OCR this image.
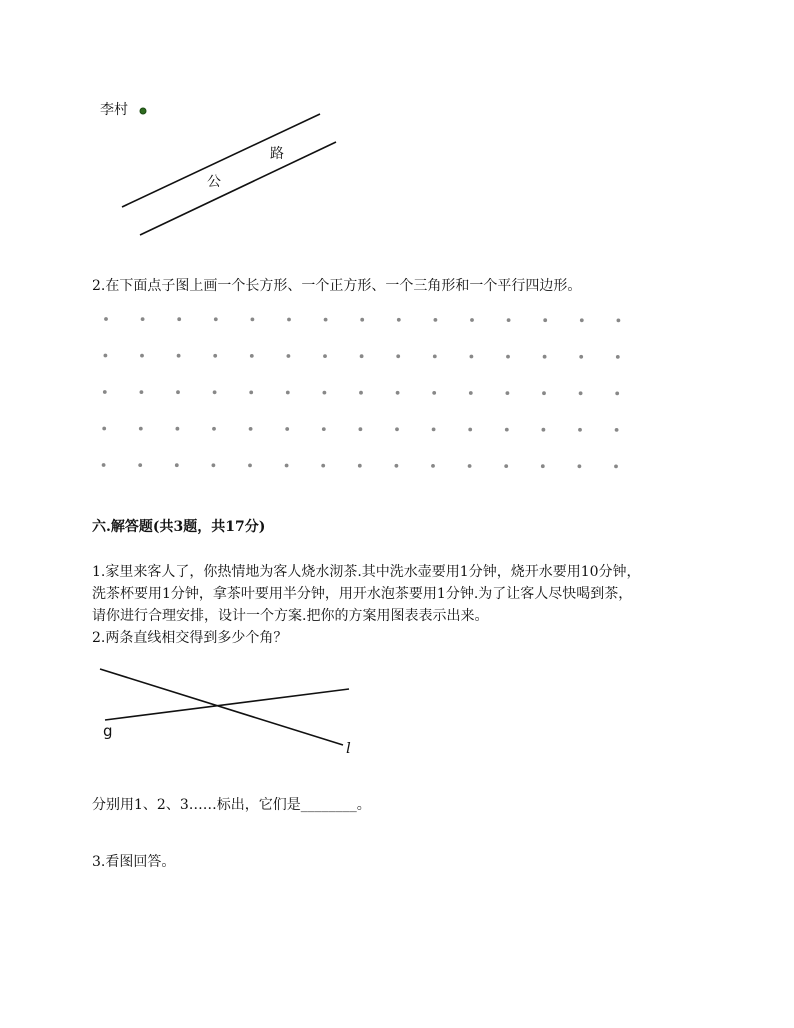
李村
公
路
2.在下面点子图上画一个长方形、一个正方形、一个三角形和一个平行四边形。
六.解答题(共3题，共17分)
1.家里来客人了，你热情地为客人烧水沏茶.其中洗水壶要用1分钟，烧开水要用10分钟，
洗茶杯要用1分钟，拿茶叶要用半分钟，用开水泡茶要用1分钟.为了让客人尽快喝到茶，
请你进行合理安排，设计一个方案.把你的方案用图表表示出来。
2.两条直线相交得到多少个角？
g
l
分别用1、2、3……标出，它们是________。
3.看图回答。
